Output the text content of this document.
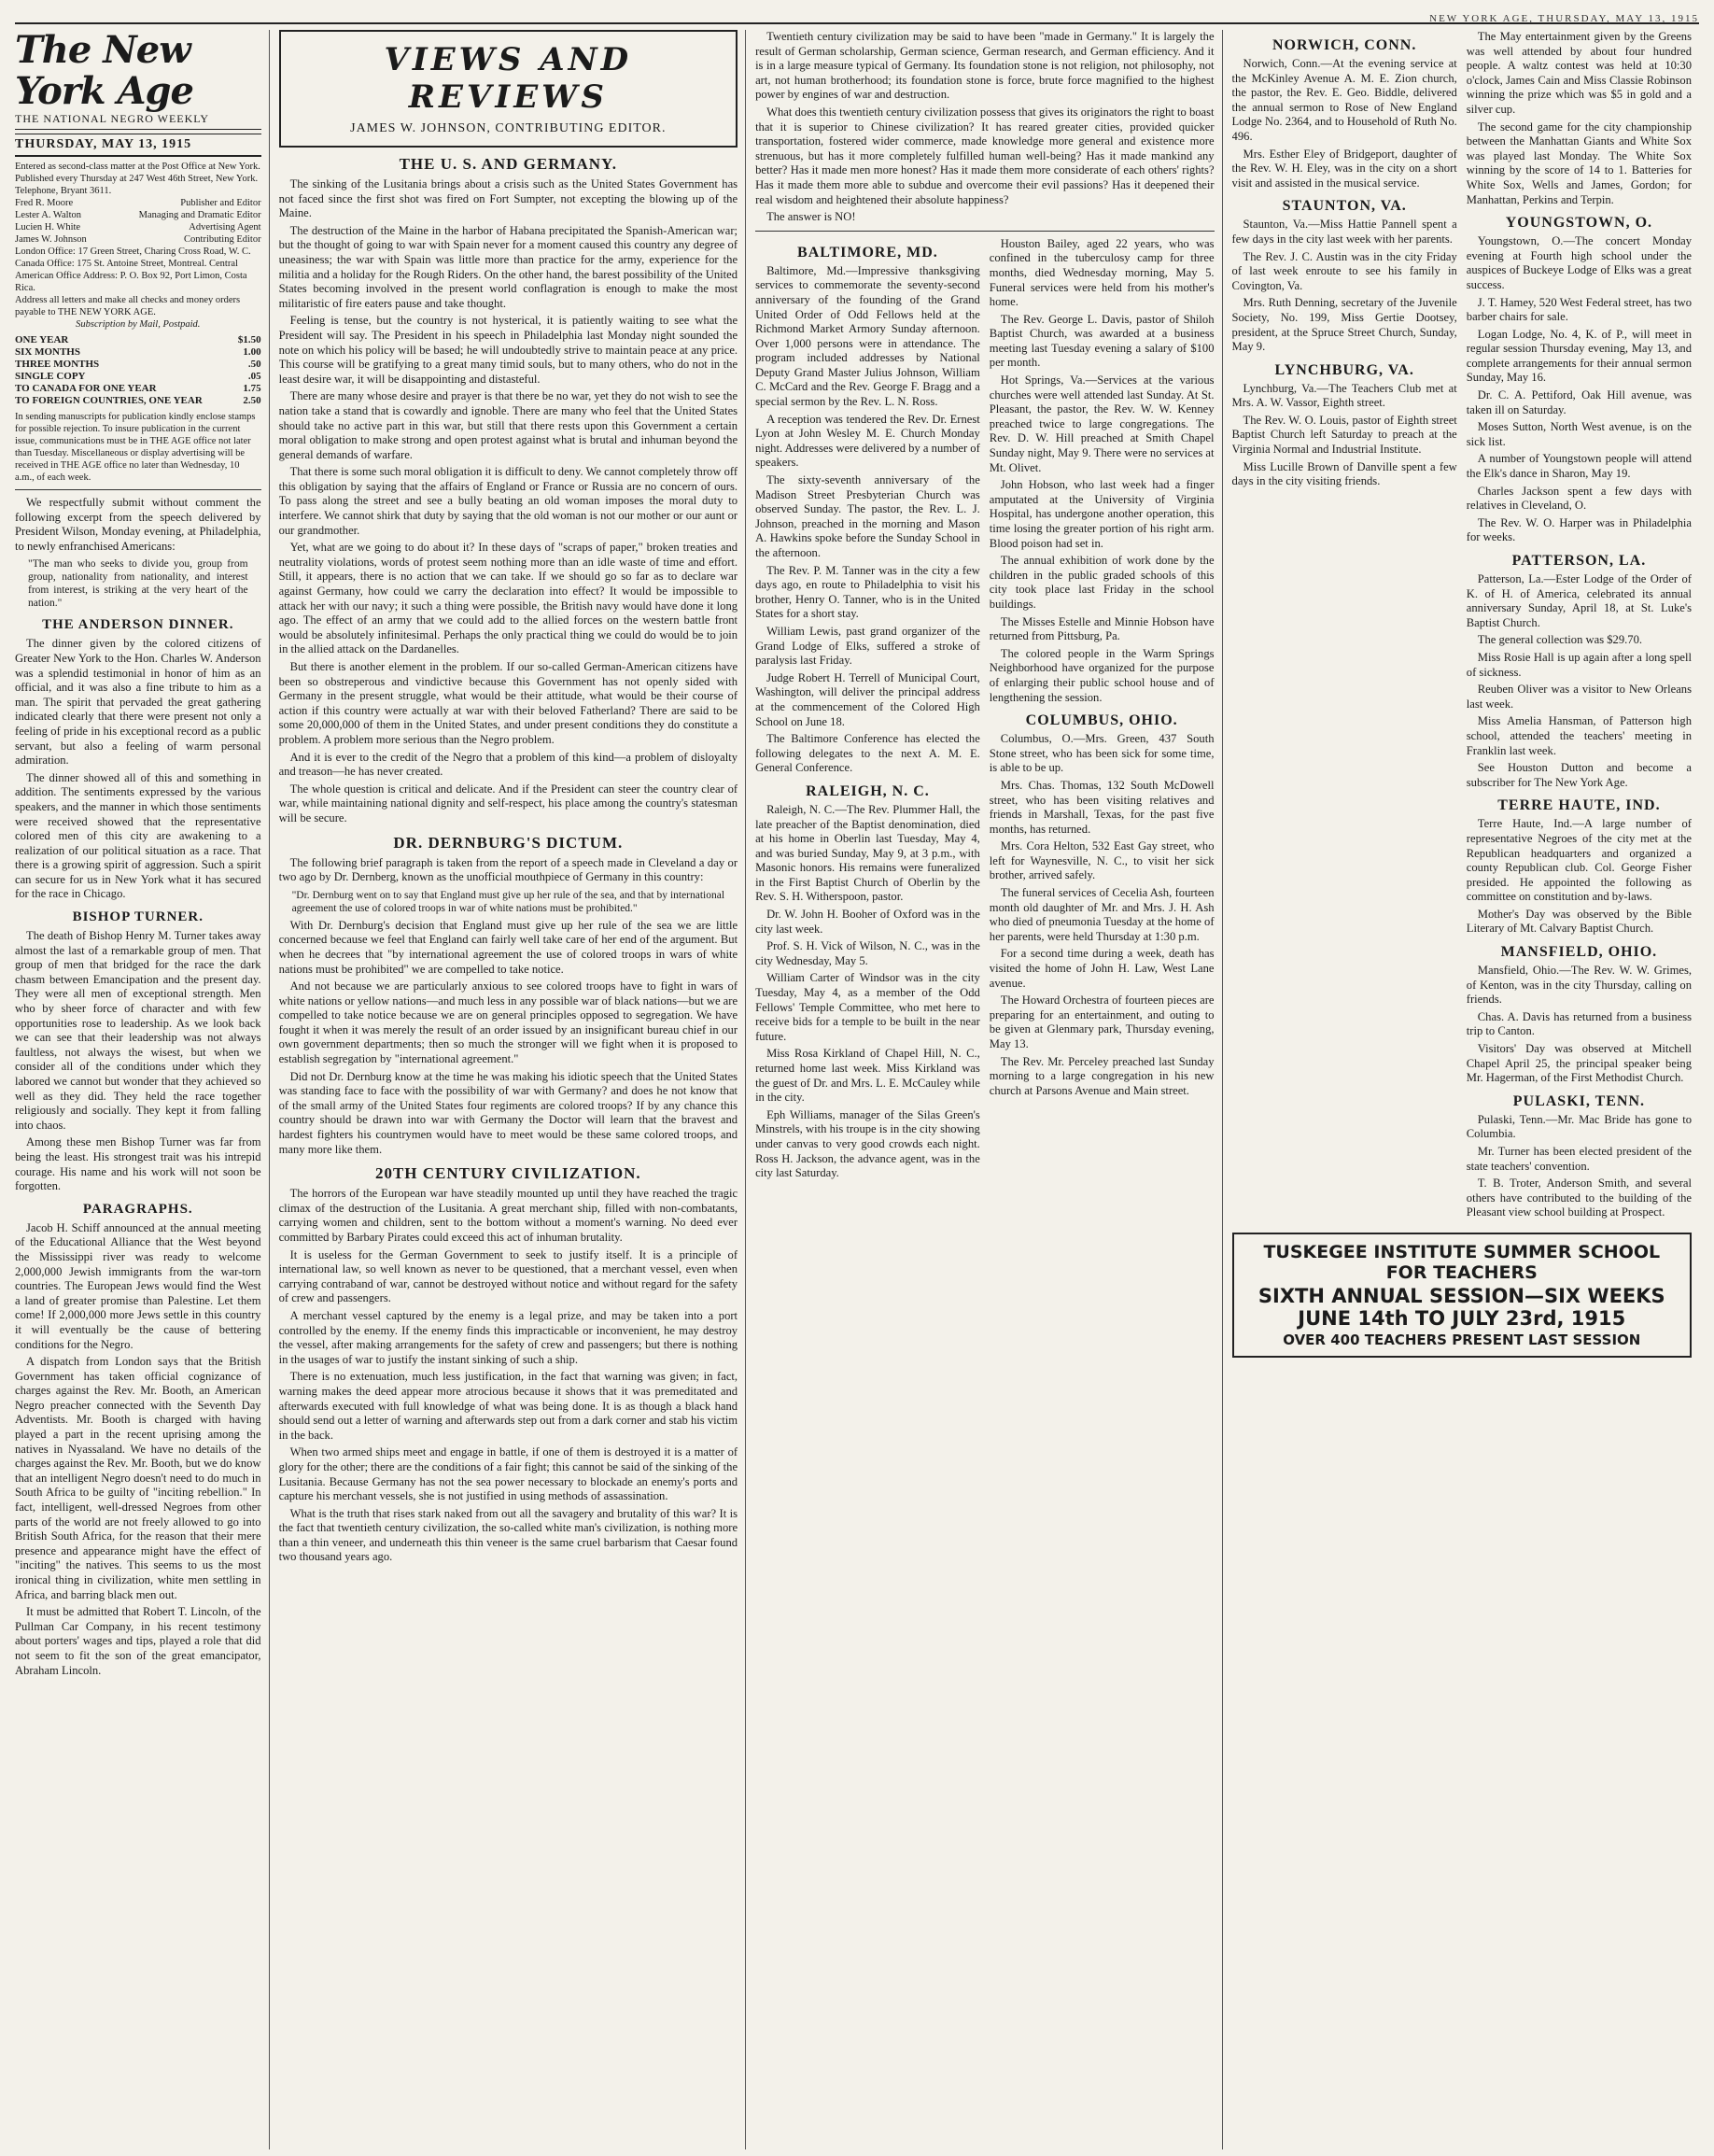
NEW YORK AGE, THURSDAY, MAY 13, 1915
The New York Age
THE NATIONAL NEGRO WEEKLY
THURSDAY, MAY 13, 1915

Entered as second-class matter at the Post Office at New York. Published every Thursday at 247 West 46th Street, New York. Telephone, Bryant 3611.

Fred R. Moore	Publisher and Editor
Lester A. Walton	Managing and Dramatic Editor
Lucien H. White	Advertising Agent
James W. Johnson	Contributing Editor

London Office: 17 Green Street, Charing Cross Road, W. C. Canada Office: 175 St. Antoine Street, Montreal. Central American Office Address: P. O. Box 92, Port Limon, Costa Rica.

Address all letters and make all checks and money orders payable to THE NEW YORK AGE.

Subscription by Mail, Postpaid.

ONE YEAR	$1.50
SIX MONTHS	1.00
THREE MONTHS	.50
SINGLE COPY	.05
TO CANADA FOR ONE YEAR	1.75
TO FOREIGN COUNTRIES, ONE YEAR	2.50

In sending manuscripts for publication kindly enclose stamps for possible rejection. To insure publication in the current issue, communications must be in THE AGE office not later than Tuesday. Miscellaneous or display advertising will be received in THE AGE office no later than Wednesday, 10 a.m., of each week.

We respectfully submit without comment the following excerpt from the speech delivered by President Wilson, Monday evening, at Philadelphia, to newly enfranchised Americans:

"The man who seeks to divide you, group from group, nationality from nationality, and interest from interest, is striking at the very heart of the nation."

THE ANDERSON DINNER.

The dinner given by the colored citizens of Greater New York to the Hon. Charles W. Anderson was a splendid testimonial in honor of him as an official, and it was also a fine tribute to him as a man. The spirit that pervaded the great gathering indicated clearly that there were present not only a feeling of pride in his exceptional record as a public servant, but also a feeling of warm personal admiration.

The dinner showed all of this and something in addition. The sentiments expressed by the various speakers, and the manner in which those sentiments were received showed that the representative colored men of this city are awakening to a realization of our political situation as a race. That there is a growing spirit of aggression. Such a spirit can secure for us in New York what it has secured for the race in Chicago.

BISHOP TURNER.

The death of Bishop Henry M. Turner takes away almost the last of a remarkable group of men. That group of men that bridged for the race the dark chasm between Emancipation and the present day. They were all men of exceptional strength. Men who by sheer force of character and with few opportunities rose to leadership. As we look back we can see that their leadership was not always faultless, not always the wisest, but when we consider all of the conditions under which they labored we cannot but wonder that they achieved so well as they did. They held the race together religiously and socially. They kept it from falling into chaos.

Among these men Bishop Turner was far from being the least. His strongest trait was his intrepid courage. His name and his work will not soon be forgotten.

PARAGRAPHS.

Jacob H. Schiff announced at the annual meeting of the Educational Alliance that the West beyond the Mississippi river was ready to welcome 2,000,000 Jewish immigrants from the war-torn countries. The European Jews would find the West a land of greater promise than Palestine. Let them come! If 2,000,000 more Jews settle in this country it will eventually be the cause of bettering conditions for the Negro.

A dispatch from London says that the British Government has taken official cognizance of charges against the Rev. Mr. Booth, an American Negro preacher connected with the Seventh Day Adventists. Mr. Booth is charged with having played a part in the recent uprising among the natives in Nyassaland. We have no details of the charges against the Rev. Mr. Booth, but we do know that an intelligent Negro doesn't need to do much in South Africa to be guilty of "inciting rebellion." In fact, intelligent, well-dressed Negroes from other parts of the world are not freely allowed to go into British South Africa, for the reason that their mere presence and appearance might have the effect of "inciting" the natives. This seems to us the most ironical thing in civilization, white men settling in Africa, and barring black men out.

It must be admitted that Robert T. Lincoln, of the Pullman Car Company, in his recent testimony about porters' wages and tips, played a role that did not seem to fit the son of the great emancipator, Abraham Lincoln.

VIEWS AND REVIEWS
JAMES W. JOHNSON, CONTRIBUTING EDITOR.
THE U. S. AND GERMANY.

The sinking of the Lusitania brings about a crisis such as the United States Government has not faced since the first shot was fired on Fort Sumpter, not excepting the blowing up of the Maine.

The destruction of the Maine in the harbor of Habana precipitated the Spanish-American war; but the thought of going to war with Spain never for a moment caused this country any degree of uneasiness; the war with Spain was little more than practice for the army, experience for the militia and a holiday for the Rough Riders. On the other hand, the barest possibility of the United States becoming involved in the present world conflagration is enough to make the most militaristic of fire eaters pause and take thought.

Feeling is tense, but the country is not hysterical, it is patiently waiting to see what the President will say. The President in his speech in Philadelphia last Monday night sounded the note on which his policy will be based; he will undoubtedly strive to maintain peace at any price. This course will be gratifying to a great many timid souls, but to many others, who do not in the least desire war, it will be disappointing and distasteful.

There are many whose desire and prayer is that there be no war, yet they do not wish to see the nation take a stand that is cowardly and ignoble. There are many who feel that the United States should take no active part in this war, but still that there rests upon this Government a certain moral obligation to make strong and open protest against what is brutal and inhuman beyond the general demands of warfare.

That there is some such moral obligation it is difficult to deny. We cannot completely throw off this obligation by saying that the affairs of England or France or Russia are no concern of ours. To pass along the street and see a bully beating an old woman imposes the moral duty to interfere. We cannot shirk that duty by saying that the old woman is not our mother or our aunt or our grandmother.

Yet, what are we going to do about it? In these days of "scraps of paper," broken treaties and neutrality violations, words of protest seem nothing more than an idle waste of time and effort. Still, it appears, there is no action that we can take. If we should go so far as to declare war against Germany, how could we carry the declaration into effect? It would be impossible to attack her with our navy; it such a thing were possible, the British navy would have done it long ago. The effect of an army that we could add to the allied forces on the western battle front would be absolutely infinitesimal. Perhaps the only practical thing we could do would be to join in the allied attack on the Dardanelles.

But there is another element in the problem. If our so-called German-American citizens have been so obstreperous and vindictive because this Government has not openly sided with Germany in the present struggle, what would be their attitude, what would be their course of action if this country were actually at war with their beloved Fatherland? There are said to be some 20,000,000 of them in the United States, and under present conditions they do constitute a problem. A problem more serious than the Negro problem.

And it is ever to the credit of the Negro that a problem of this kind—a problem of disloyalty and treason—he has never created.

The whole question is critical and delicate. And if the President can steer the country clear of war, while maintaining national dignity and self-respect, his place among the country's statesman will be secure.

DR. DERNBURG'S DICTUM.

The following brief paragraph is taken from the report of a speech made in Cleveland a day or two ago by Dr. Dernberg, known as the unofficial mouthpiece of Germany in this country:

"Dr. Dernburg went on to say that England must give up her rule of the sea, and that by international agreement the use of colored troops in war of white nations must be prohibited."

With Dr. Dernburg's decision that England must give up her rule of the sea we are little concerned because we feel that England can fairly well take care of her end of the argument. But when he decrees that "by international agreement the use of colored troops in wars of white nations must be prohibited" we are compelled to take notice.

And not because we are particularly anxious to see colored troops have to fight in wars of white nations or yellow nations—and much less in any possible war of black nations—but we are compelled to take notice because we are on general principles opposed to segregation. We have fought it when it was merely the result of an order issued by an insignificant bureau chief in our own government departments; then so much the stronger will we fight when it is proposed to establish segregation by "international agreement."

Did not Dr. Dernburg know at the time he was making his idiotic speech that the United States was standing face to face with the possibility of war with Germany? and does he not know that of the small army of the United States four regiments are colored troops? If by any chance this country should be drawn into war with Germany the Doctor will learn that the bravest and hardest fighters his countrymen would have to meet would be these same colored troops, and many more like them.

20TH CENTURY CIVILIZATION.

The horrors of the European war have steadily mounted up until they have reached the tragic climax of the destruction of the Lusitania. A great merchant ship, filled with non-combatants, carrying women and children, sent to the bottom without a moment's warning. No deed ever committed by Barbary Pirates could exceed this act of inhuman brutality.

It is useless for the German Government to seek to justify itself. It is a principle of international law, so well known as never to be questioned, that a merchant vessel, even when carrying contraband of war, cannot be destroyed without notice and without regard for the safety of crew and passengers.

A merchant vessel captured by the enemy is a legal prize, and may be taken into a port controlled by the enemy. If the enemy finds this impracticable or inconvenient, he may destroy the vessel, after making arrangements for the safety of crew and passengers; but there is nothing in the usages of war to justify the instant sinking of such a ship.

There is no extenuation, much less justification, in the fact that warning was given; in fact, warning makes the deed appear more atrocious because it shows that it was premeditated and afterwards executed with full knowledge of what was being done. It is as though a black hand should send out a letter of warning and afterwards step out from a dark corner and stab his victim in the back.

When two armed ships meet and engage in battle, if one of them is destroyed it is a matter of glory for the other; there are the conditions of a fair fight; this cannot be said of the sinking of the Lusitania. Because Germany has not the sea power necessary to blockade an enemy's ports and capture his merchant vessels, she is not justified in using methods of assassination.

What is the truth that rises stark naked from out all the savagery and brutality of this war? It is the fact that twentieth century civilization, the so-called white man's civilization, is nothing more than a thin veneer, and underneath this thin veneer is the same cruel barbarism that Caesar found two thousand years ago.

Twentieth century civilization may be said to have been "made in Germany." It is largely the result of German scholarship, German science, German research, and German efficiency. And it is in a large measure typical of Germany. Its foundation stone is not religion, not philosophy, not art, not human brotherhood; its foundation stone is force, brute force magnified to the highest power by engines of war and destruction.

What does this twentieth century civilization possess that gives its originators the right to boast that it is superior to Chinese civilization? It has reared greater cities, provided quicker transportation, fostered wider commerce, made knowledge more general and existence more strenuous, but has it more completely fulfilled human well-being? Has it made mankind any better? Has it made men more honest? Has it made them more considerate of each others' rights? Has it made them more able to subdue and overcome their evil passions? Has it deepened their real wisdom and heightened their absolute happiness?

The answer is NO!

BALTIMORE, MD.

Baltimore, Md.—Impressive thanksgiving services to commemorate the seventy-second anniversary of the founding of the Grand United Order of Odd Fellows held at the Richmond Market Armory Sunday afternoon. Over 1,000 persons were in attendance. The program included addresses by National Deputy Grand Master Julius Johnson, William C. McCard and the Rev. George F. Bragg and a special sermon by the Rev. L. N. Ross.

A reception was tendered the Rev. Dr. Ernest Lyon at John Wesley M. E. Church Monday night. Addresses were delivered by a number of speakers.

The sixty-seventh anniversary of the Madison Street Presbyterian Church was observed Sunday. The pastor, the Rev. L. J. Johnson, preached in the morning and Mason A. Hawkins spoke before the Sunday School in the afternoon.

The Rev. P. M. Tanner was in the city a few days ago, en route to Philadelphia to visit his brother, Henry O. Tanner, who is in the United States for a short stay.

William Lewis, past grand organizer of the Grand Lodge of Elks, suffered a stroke of paralysis last Friday.

Judge Robert H. Terrell of Municipal Court, Washington, will deliver the principal address at the commencement of the Colored High School on June 18.

The Baltimore Conference has elected the following delegates to the next A. M. E. General Conference.

RALEIGH, N. C.

Raleigh, N. C.—The Rev. Plummer Hall, the late preacher of the Baptist denomination, died at his home in Oberlin last Tuesday, May 4, and was buried Sunday, May 9, at 3 p.m., with Masonic honors. His remains were funeralized in the First Baptist Church of Oberlin by the Rev. S. H. Witherspoon, pastor.

Dr. W. John H. Booher of Oxford was in the city last week.

Prof. S. H. Vick of Wilson, N. C., was in the city Wednesday, May 5.

William Carter of Windsor was in the city Tuesday, May 4, as a member of the Odd Fellows' Temple Committee, who met here to receive bids for a temple to be built in the near future.

Miss Rosa Kirkland of Chapel Hill, N. C., returned home last week. Miss Kirkland was the guest of Dr. and Mrs. L. E. McCauley while in the city.

Eph Williams, manager of the Silas Green's Minstrels, with his troupe is in the city showing under canvas to very good crowds each night. Ross H. Jackson, the advance agent, was in the city last Saturday.

Houston Bailey, aged 22 years, who was confined in the tuberculosy camp for three months, died Wednesday morning, May 5. Funeral services were held from his mother's home.

The Rev. George L. Davis, pastor of Shiloh Baptist Church, was awarded at a business meeting last Tuesday evening a salary of $100 per month.

Hot Springs, Va.—Services at the various churches were well attended last Sunday. At St. Pleasant, the pastor, the Rev. W. W. Kenney preached twice to large congregations. The Rev. D. W. Hill preached at Smith Chapel Sunday night, May 9. There were no services at Mt. Olivet.

John Hobson, who last week had a finger amputated at the University of Virginia Hospital, has undergone another operation, this time losing the greater portion of his right arm. Blood poison had set in.

The annual exhibition of work done by the children in the public graded schools of this city took place last Friday in the school buildings.

The Misses Estelle and Minnie Hobson have returned from Pittsburg, Pa.

The colored people in the Warm Springs Neighborhood have organized for the purpose of enlarging their public school house and of lengthening the session.

COLUMBUS, OHIO.

Columbus, O.—Mrs. Green, 437 South Stone street, who has been sick for some time, is able to be up.

Mrs. Chas. Thomas, 132 South McDowell street, who has been visiting relatives and friends in Marshall, Texas, for the past five months, has returned.

Mrs. Cora Helton, 532 East Gay street, who left for Waynesville, N. C., to visit her sick brother, arrived safely.

The funeral services of Cecelia Ash, fourteen month old daughter of Mr. and Mrs. J. H. Ash who died of pneumonia Tuesday at the home of her parents, were held Thursday at 1:30 p.m.

For a second time during a week, death has visited the home of John H. Law, West Lane avenue.

The Howard Orchestra of fourteen pieces are preparing for an entertainment, and outing to be given at Glenmary park, Thursday evening, May 13.

The Rev. Mr. Perceley preached last Sunday morning to a large congregation in his new church at Parsons Avenue and Main street.

NORWICH, CONN.

Norwich, Conn.—At the evening service at the McKinley Avenue A. M. E. Zion church, the pastor, the Rev. E. Geo. Biddle, delivered the annual sermon to Rose of New England Lodge No. 2364, and to Household of Ruth No. 496.

Mrs. Esther Eley of Bridgeport, daughter of the Rev. W. H. Eley, was in the city on a short visit and assisted in the musical service.

STAUNTON, VA.

Staunton, Va.—Miss Hattie Pannell spent a few days in the city last week with her parents.

The Rev. J. C. Austin was in the city Friday of last week enroute to see his family in Covington, Va.

Mrs. Ruth Denning, secretary of the Juvenile Society, No. 199, Miss Gertie Dootsey, president, at the Spruce Street Church, Sunday, May 9.

LYNCHBURG, VA.

Lynchburg, Va.—The Teachers Club met at Mrs. A. W. Vassor, Eighth street.

The Rev. W. O. Louis, pastor of Eighth street Baptist Church left Saturday to preach at the Virginia Normal and Industrial Institute.

Miss Lucille Brown of Danville spent a few days in the city visiting friends.

The May entertainment given by the Greens was well attended by about four hundred people. A waltz contest was held at 10:30 o'clock, James Cain and Miss Classie Robinson winning the prize which was $5 in gold and a silver cup.

The second game for the city championship between the Manhattan Giants and White Sox was played last Monday. The White Sox winning by the score of 14 to 1. Batteries for White Sox, Wells and James, Gordon; for Manhattan, Perkins and Terpin.

YOUNGSTOWN, O.

Youngstown, O.—The concert Monday evening at Fourth high school under the auspices of Buckeye Lodge of Elks was a great success.

J. T. Hamey, 520 West Federal street, has two barber chairs for sale.

Logan Lodge, No. 4, K. of P., will meet in regular session Thursday evening, May 13, and complete arrangements for their annual sermon Sunday, May 16.

Dr. C. A. Pettiford, Oak Hill avenue, was taken ill on Saturday.

Moses Sutton, North West avenue, is on the sick list.

A number of Youngstown people will attend the Elk's dance in Sharon, May 19.

Charles Jackson spent a few days with relatives in Cleveland, O.

The Rev. W. O. Harper was in Philadelphia for weeks.

PATTERSON, LA.

Patterson, La.—Ester Lodge of the Order of K. of H. of America, celebrated its annual anniversary Sunday, April 18, at St. Luke's Baptist Church.

The general collection was $29.70.

Miss Rosie Hall is up again after a long spell of sickness.

Reuben Oliver was a visitor to New Orleans last week.

Miss Amelia Hansman, of Patterson high school, attended the teachers' meeting in Franklin last week.

See Houston Dutton and become a subscriber for The New York Age.

TERRE HAUTE, IND.

Terre Haute, Ind.—A large number of representative Negroes of the city met at the Republican headquarters and organized a county Republican club. Col. George Fisher presided. He appointed the following as committee on constitution and by-laws.

Mother's Day was observed by the Bible Literary of Mt. Calvary Baptist Church.

MANSFIELD, OHIO.

Mansfield, Ohio.—The Rev. W. W. Grimes, of Kenton, was in the city Thursday, calling on friends.

Chas. A. Davis has returned from a business trip to Canton.

Visitors' Day was observed at Mitchell Chapel April 25, the principal speaker being Mr. Hagerman, of the First Methodist Church.

PULASKI, TENN.

Pulaski, Tenn.—Mr. Mac Bride has gone to Columbia.

Mr. Turner has been elected president of the state teachers' convention.

T. B. Troter, Anderson Smith, and several others have contributed to the building of the Pleasant view school building at Prospect.

TUSKEGEE INSTITUTE SUMMER SCHOOL FOR TEACHERS
SIXTH ANNUAL SESSION—SIX WEEKS
JUNE 14th TO JULY 23rd, 1915
OVER 400 TEACHERS PRESENT LAST SESSION
